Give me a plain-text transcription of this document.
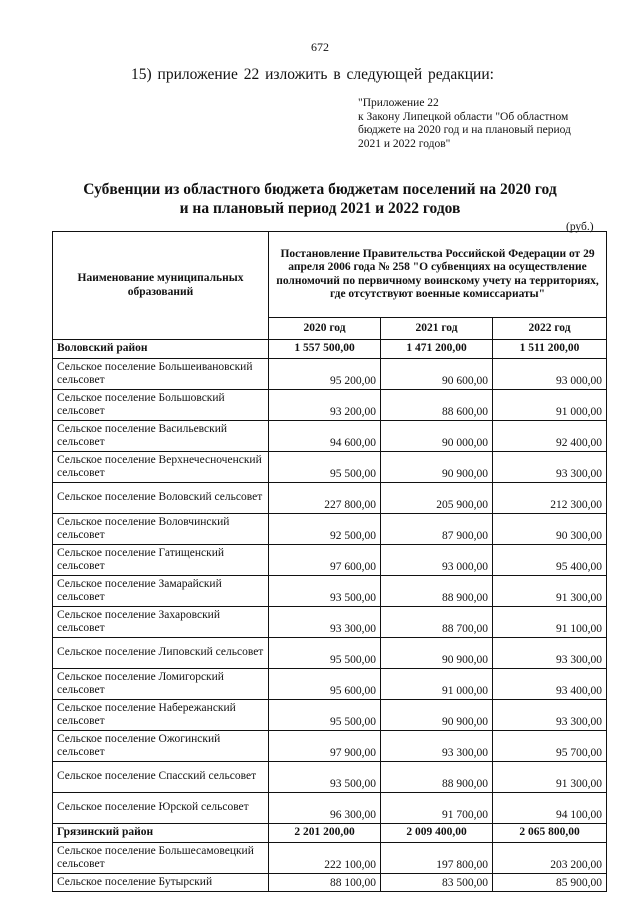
672
15) приложение 22 изложить в следующей редакции:
"Приложение 22
к Закону Липецкой области "Об областном
бюджете на 2020 год и на плановый период
2021 и 2022 годов"
Субвенции из областного бюджета бюджетам поселений на 2020 год
и на плановый период 2021 и 2022 годов
(руб.)
Наименование муниципальных образований	Постановление Правительства Российской Федерации от 29 апреля 2006 года № 258 "О субвенциях на осуществление полномочий по первичному воинскому учету на территориях, где отсутствуют военные комиссариаты"		
	2020 год	2021 год	2022 год
Воловский район	1 557 500,00	1 471 200,00	1 511 200,00
Сельское поселение Большеивановский сельсовет	95 200,00	90 600,00	93 000,00
Сельское поселение Большовский сельсовет	93 200,00	88 600,00	91 000,00
Сельское поселение Васильевский сельсовет	94 600,00	90 000,00	92 400,00
Сельское поселение Верхнечесноченский сельсовет	95 500,00	90 900,00	93 300,00
Сельское поселение Воловский сельсовет	227 800,00	205 900,00	212 300,00
Сельское поселение Воловчинский сельсовет	92 500,00	87 900,00	90 300,00
Сельское поселение Гатищенский сельсовет	97 600,00	93 000,00	95 400,00
Сельское поселение Замарайский сельсовет	93 500,00	88 900,00	91 300,00
Сельское поселение Захаровский сельсовет	93 300,00	88 700,00	91 100,00
Сельское поселение Липовский сельсовет	95 500,00	90 900,00	93 300,00
Сельское поселение Ломигорский сельсовет	95 600,00	91 000,00	93 400,00
Сельское поселение Набережанский сельсовет	95 500,00	90 900,00	93 300,00
Сельское поселение Ожогинский сельсовет	97 900,00	93 300,00	95 700,00
Сельское поселение Спасский сельсовет	93 500,00	88 900,00	91 300,00
Сельское поселение Юрской сельсовет	96 300,00	91 700,00	94 100,00
Грязинский район	2 201 200,00	2 009 400,00	2 065 800,00
Сельское поселение Большесамовецкий сельсовет	222 100,00	197 800,00	203 200,00
Сельское поселение Бутырский	88 100,00	83 500,00	85 900,00
